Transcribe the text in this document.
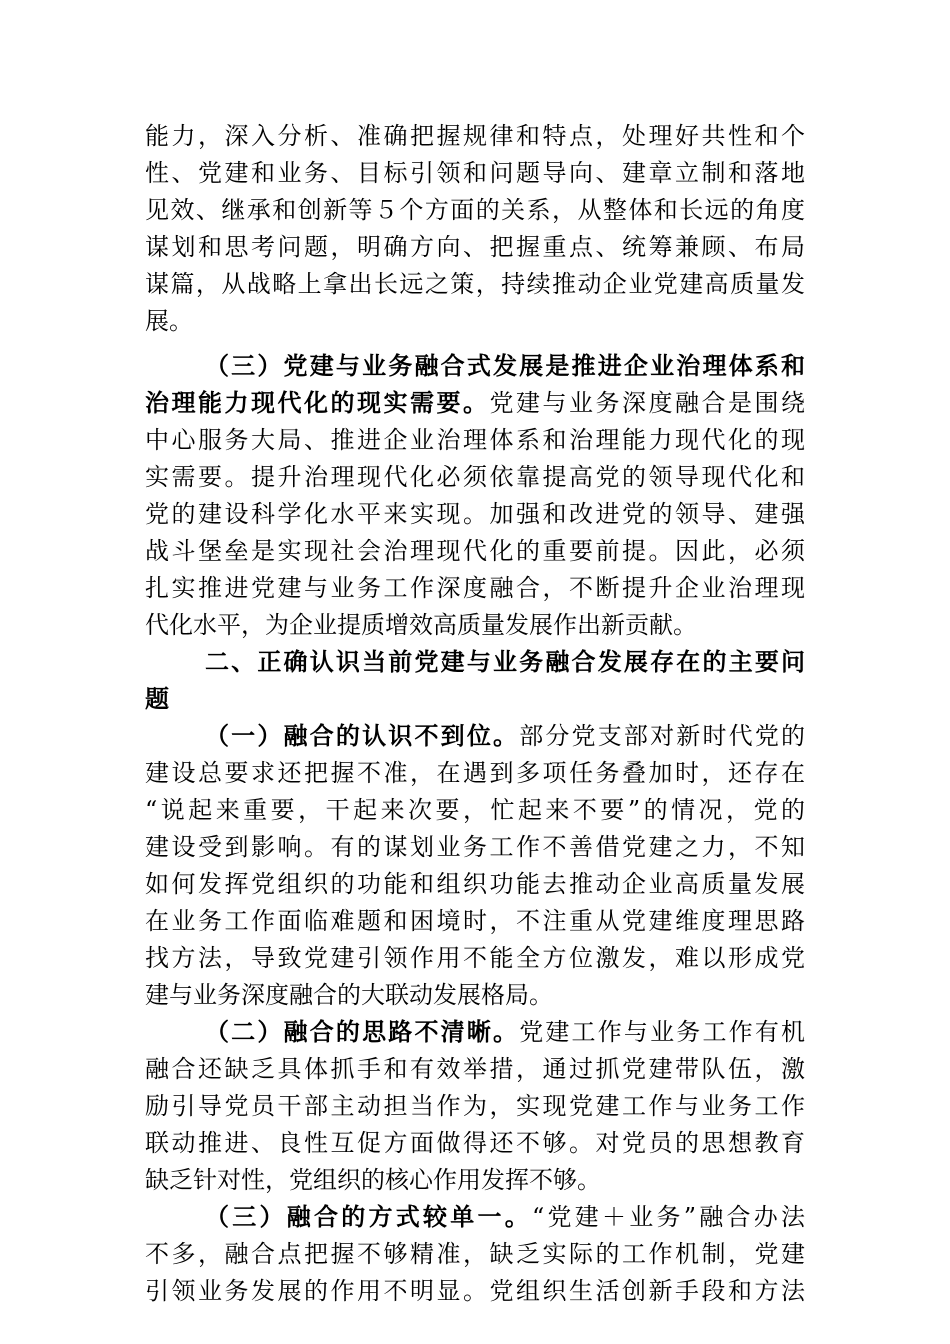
能力，深入分析、准确把握规律和特点，处理好共性和个
性、党建和业务、目标引领和问题导向、建章立制和落地
见效、继承和创新等５个方面的关系，从整体和长远的角度
谋划和思考问题，明确方向、把握重点、统筹兼顾、布局
谋篇，从战略上拿出长远之策，持续推动企业党建高质量发
展。
（三）党建与业务融合式发展是推进企业治理体系和
治理能力现代化的现实需要。党建与业务深度融合是围绕
中心服务大局、推进企业治理体系和治理能力现代化的现
实需要。提升治理现代化必须依靠提高党的领导现代化和
党的建设科学化水平来实现。加强和改进党的领导、建强
战斗堡垒是实现社会治理现代化的重要前提。因此，必须
扎实推进党建与业务工作深度融合，不断提升企业治理现
代化水平，为企业提质增效高质量发展作出新贡献。
二、正确认识当前党建与业务融合发展存在的主要问
题
（一）融合的认识不到位。部分党支部对新时代党的
建设总要求还把握不准，在遇到多项任务叠加时，还存在
“说起来重要，干起来次要，忙起来不要”的情况，党的
建设受到影响。有的谋划业务工作不善借党建之力，不知
如何发挥党组织的功能和组织功能去推动企业高质量发展
在业务工作面临难题和困境时，不注重从党建维度理思路
找方法，导致党建引领作用不能全方位激发，难以形成党
建与业务深度融合的大联动发展格局。
（二）融合的思路不清晰。党建工作与业务工作有机
融合还缺乏具体抓手和有效举措，通过抓党建带队伍，激
励引导党员干部主动担当作为，实现党建工作与业务工作
联动推进、良性互促方面做得还不够。对党员的思想教育
缺乏针对性，党组织的核心作用发挥不够。
（三）融合的方式较单一。“党建＋业务”融合办法
不多，融合点把握不够精准，缺乏实际的工作机制，党建
引领业务发展的作用不明显。党组织生活创新手段和方法
